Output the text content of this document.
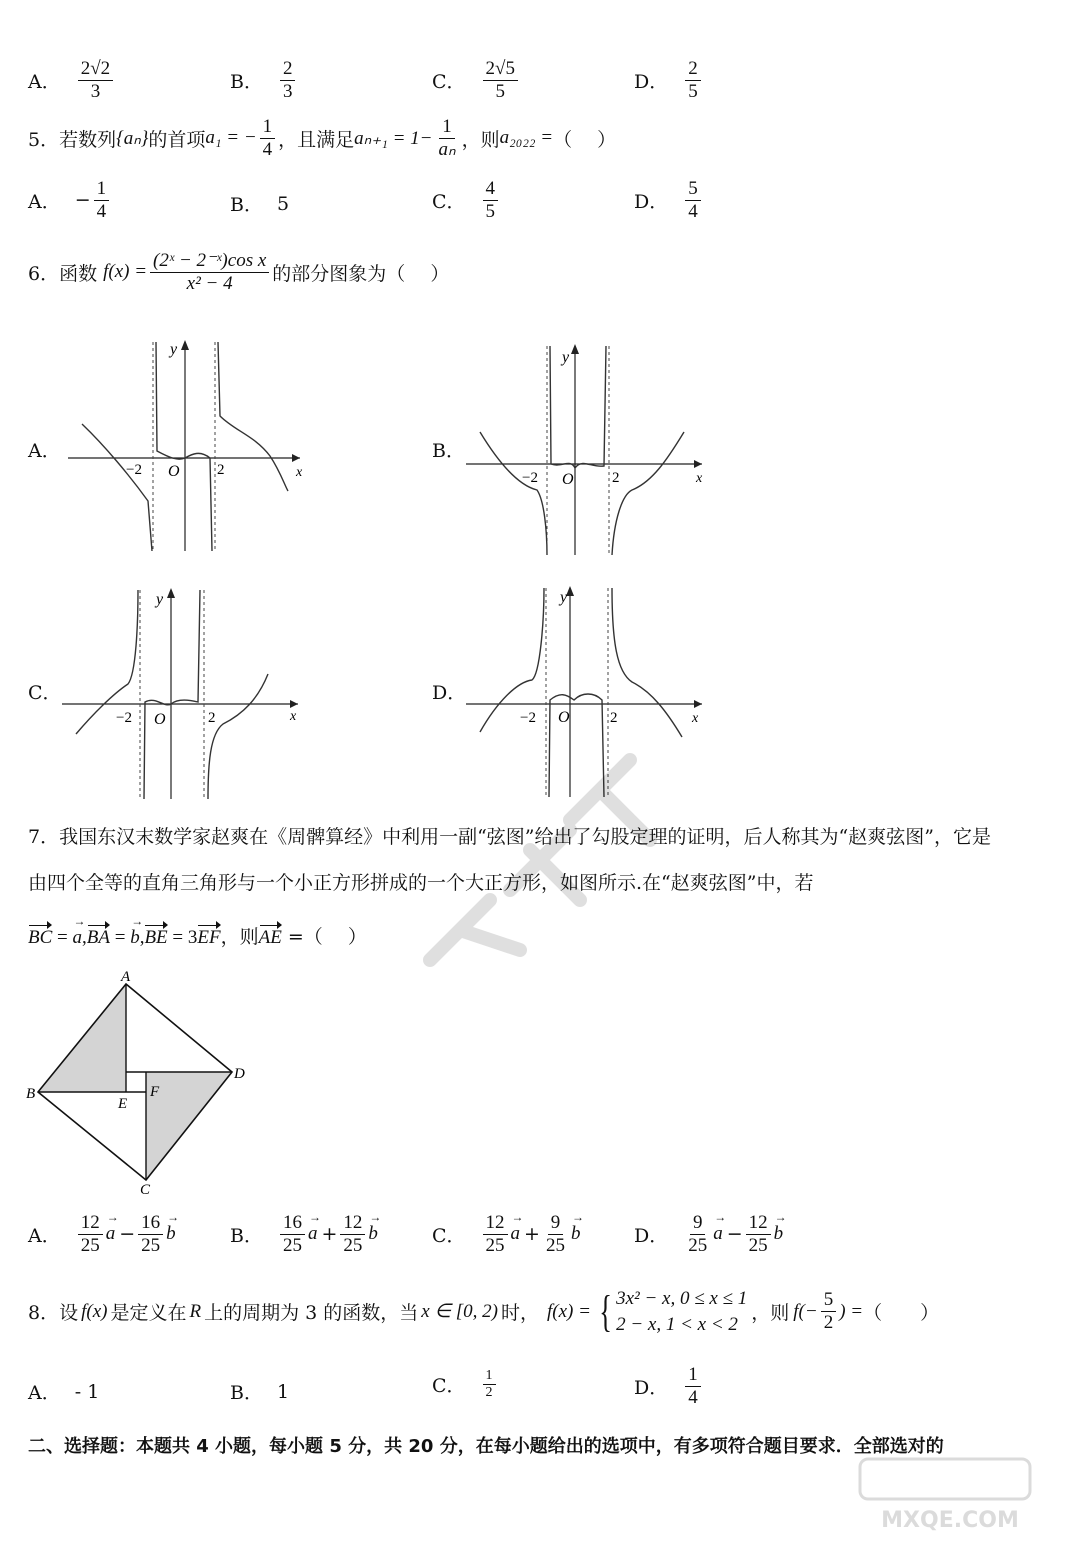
A． $\frac{2√2}{3}$	B． $\frac{2}{3}$	C． $\frac{2√5}{5}$	D． $\frac{2}{5}$
5．若数列 {aₙ} 的首项 a₁ = − $\frac{1}{4}$ ，且满足 $a_{n+1} = 1- \frac{1}{\text{aₙ}}$ ，则 a₂₀₂₂ = （　 ）
A． − $\frac{1}{4}$	B． 5	C． $\frac{4}{5}$	D． $\frac{5}{4}$
6．函数 $f(x) = \frac{\text{(2ˣ − 2⁻ˣ)cos x}}{\text{x² − 4}}$ 的部分图象为（　 ）
A．	B．
C．	D．
y
x
O
−2	2
y
x
O
−2	2
y
x
O
−2	2
y
x
O
−2	2
7．我国东汉末数学家赵爽在《周髀算经》中利用一副“弦图”给出了勾股定理的证明，后人称其为“赵爽弦图”，它是
由四个全等的直角三角形与一个小正方形拼成的一个大正方形，如图所示.在“赵爽弦图”中，若
BC = → a,BA = → b,BE = 3EF，则AE =（　 ）
A
B
C
D
E
F
A． $\frac{12}{25} \to a - \frac{16}{25} \to b$	B． $\frac{16}{25} \to a + \frac{12}{25} \to b$	C． $\frac{12}{25} \to a + \frac{9}{25} \to b$	D． $\frac{9}{25} \to a - \frac{12}{25} \to b$
8．设 f(x) 是定义在 R 上的周期为 3 的函数，当 x ∈ [0, 2) 时， f(x) = { 3x² − x, 0 ≤ x ≤ 1
2 − x, 1 < x < 2 ，则 $f(- \frac{5}{2}$ ) = （　　）
A． - 1	B． 1	C． $\frac{1}{2}$	D． $\frac{1}{4}$
二、选择题：本题共 4 小题，每小题 5 分，共 20 分，在每小题给出的选项中，有多项符合题目要求．全部选对的
MXQE.COM
